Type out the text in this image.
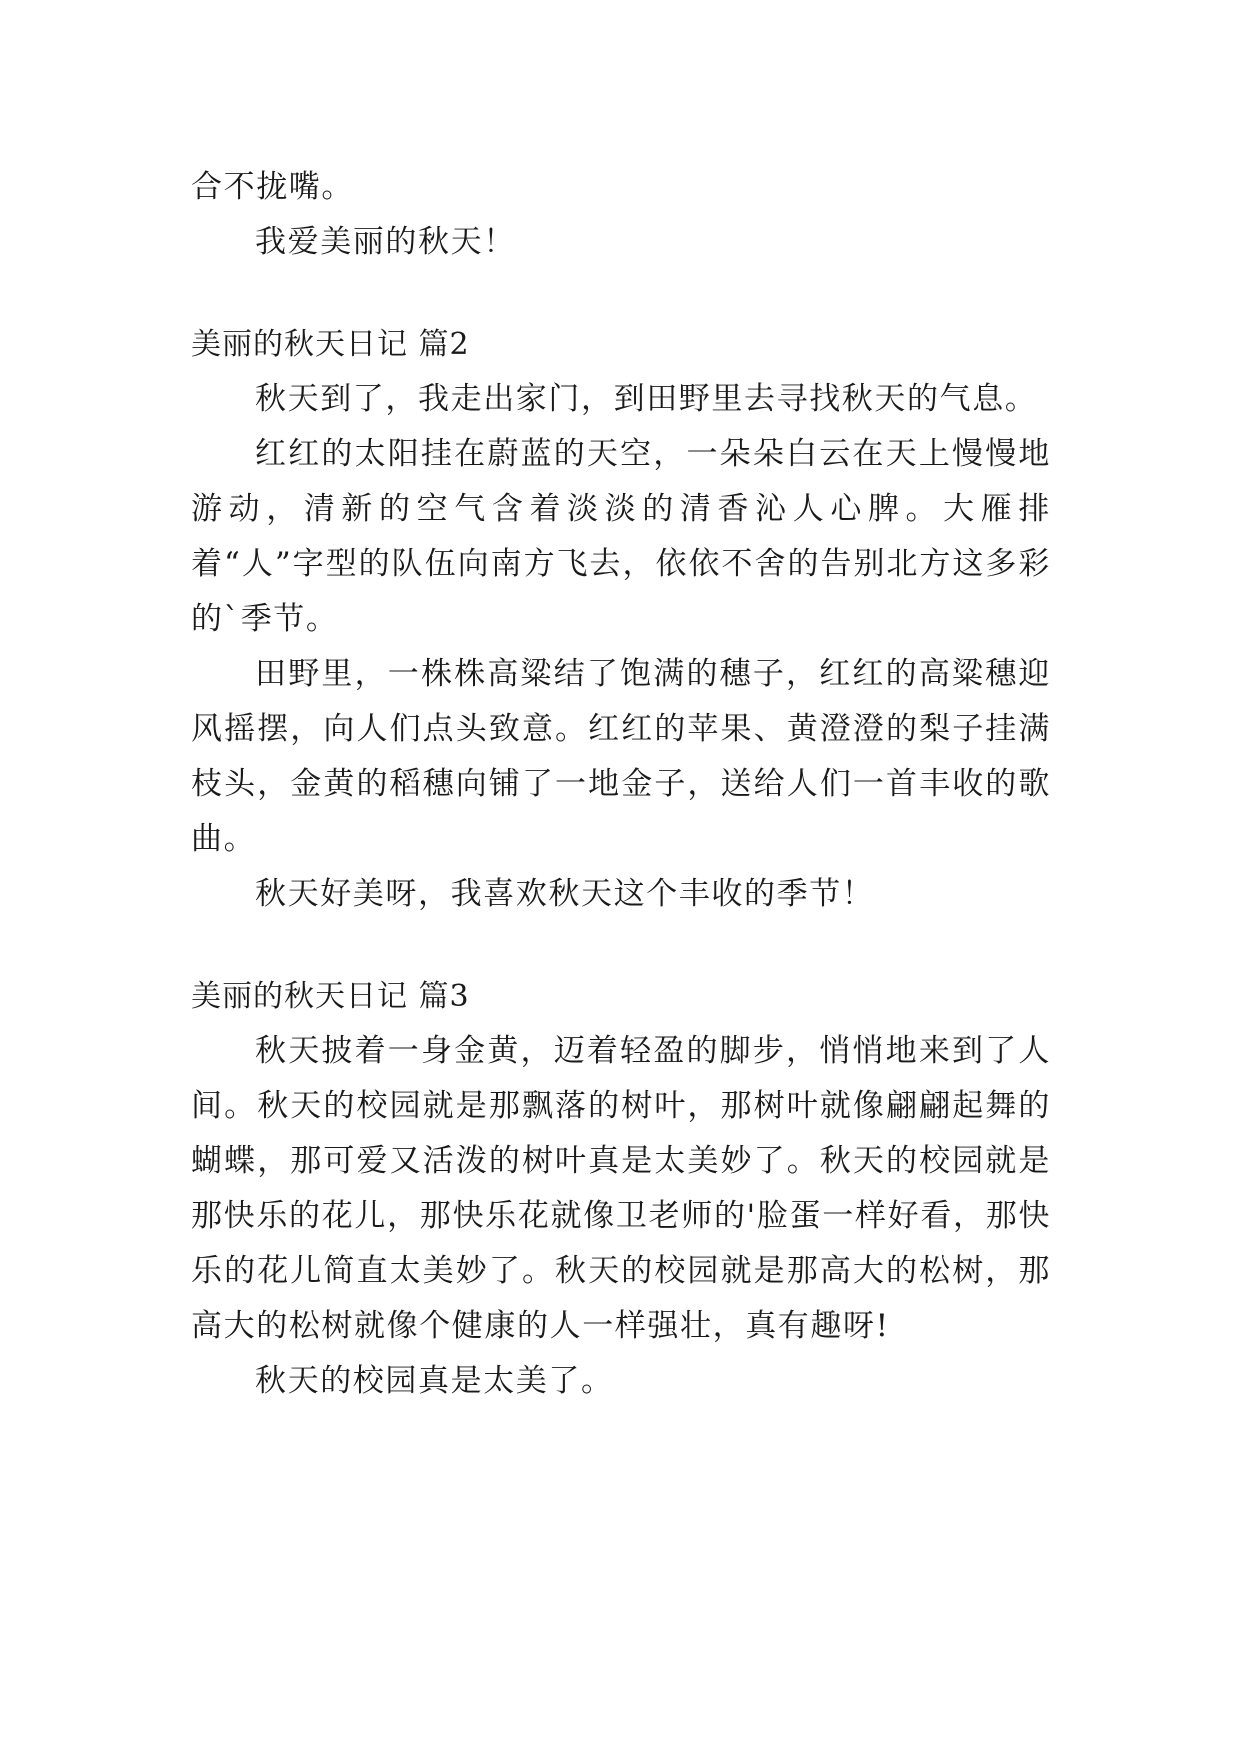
合不拢嘴。

我爱美丽的秋天！

美丽的秋天日记 篇2

秋天到了，我走出家门，到田野里去寻找秋天的气息。

红红的太阳挂在蔚蓝的天空，一朵朵白云在天上慢慢地游动，清新的空气含着淡淡的清香沁人心脾。大雁排着“人”字型的队伍向南方飞去，依依不舍的告别北方这多彩的`季节。

田野里，一株株高粱结了饱满的穗子，红红的高粱穗迎风摇摆，向人们点头致意。红红的苹果、黄澄澄的梨子挂满枝头，金黄的稻穗向铺了一地金子，送给人们一首丰收的歌曲。

秋天好美呀，我喜欢秋天这个丰收的季节！

美丽的秋天日记 篇3

秋天披着一身金黄，迈着轻盈的脚步，悄悄地来到了人间。秋天的校园就是那飘落的树叶，那树叶就像翩翩起舞的蝴蝶，那可爱又活泼的树叶真是太美妙了。秋天的校园就是那快乐的花儿，那快乐花就像卫老师的'脸蛋一样好看，那快乐的花儿简直太美妙了。秋天的校园就是那高大的松树，那高大的松树就像个健康的人一样强壮，真有趣呀!

秋天的校园真是太美了。
